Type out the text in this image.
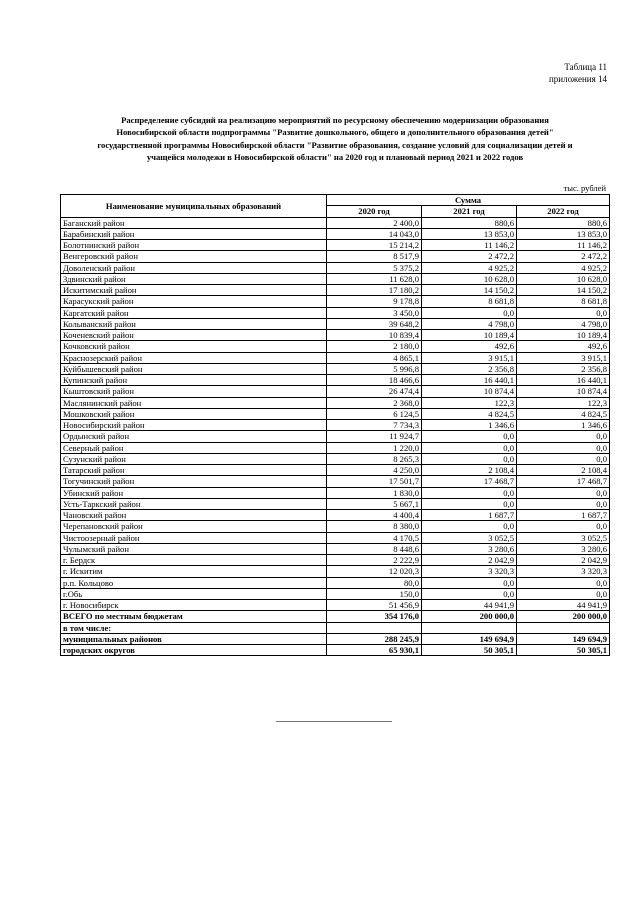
Таблица 11
приложения 14
Распределение субсидий на реализацию мероприятий по ресурсному обеспечению модернизации образования
Новосибирской области подпрограммы "Развитие дошкольного, общего и дополнительного образования детей"
государственной программы Новосибирской области "Развитие образования, создание условий для социализации детей и
учащейся молодежи в Новосибирской области" на 2020 год и плановый период 2021 и 2022 годов
тыс. рублей
Наименование муниципальных образований	Сумма		
	2020 год	2021 год	2022 год
Баганский район	2 400,0	880,6	880,6
Барабинский район	14 043,0	13 853,0	13 853,0
Болотнинский район	15 214,2	11 146,2	11 146,2
Венгеровский район	8 517,9	2 472,2	2 472,2
Доволенский район	5 375,2	4 925,2	4 925,2
Здвинский район	11 628,0	10 628,0	10 628,0
Искитимский район	17 180,2	14 150,2	14 150,2
Карасукский район	9 178,8	8 681,8	8 681,8
Каргатский район	3 450,0	0,0	0,0
Колыванский район	39 648,2	4 798,0	4 798,0
Коченевский район	10 839,4	10 189,4	10 189,4
Кочковский район	2 180,0	492,6	492,6
Краснозерский район	4 865,1	3 915,1	3 915,1
Куйбышевский район	5 996,8	2 356,8	2 356,8
Купинский район	18 466,6	16 440,1	16 440,1
Кыштовский район	26 474,4	10 874,4	10 874,4
Маслянинский район	2 368,0	122,3	122,3
Мошковский район	6 124,5	4 824,5	4 824,5
Новосибирский район	7 734,3	1 346,6	1 346,6
Ордынский район	11 924,7	0,0	0,0
Северный район	1 220,0	0,0	0,0
Сузунский район	8 265,3	0,0	0,0
Татарский район	4 250,0	2 108,4	2 108,4
Тогучинский район	17 501,7	17 468,7	17 468,7
Убинский район	1 830,0	0,0	0,0
Усть-Таркский район	5 667,1	0,0	0,0
Чановский район	4 400,4	1 687,7	1 687,7
Черепановский район	8 380,0	0,0	0,0
Чистоозерный район	4 170,5	3 052,5	3 052,5
Чулымский район	8 448,6	3 280,6	3 280,6
г. Бердск	2 222,9	2 042,9	2 042,9
г. Искитим	12 020,3	3 320,3	3 320,3
р.п. Кольцово	80,0	0,0	0,0
г.Обь	150,0	0,0	0,0
г. Новосибирск	51 456,9	44 941,9	44 941,9
ВСЕГО по местным бюджетам	354 176,0	200 000,0	200 000,0
в том числе:			
муниципальных районов	288 245,9	149 694,9	149 694,9
городских округов	65 930,1	50 305,1	50 305,1
